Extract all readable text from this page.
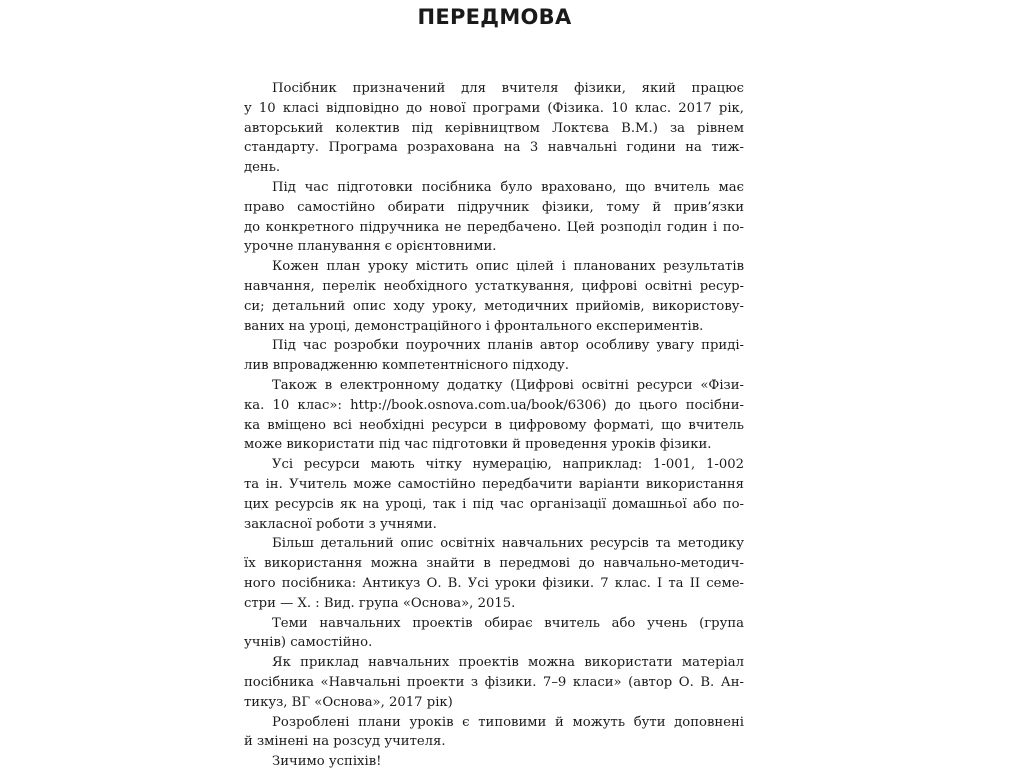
ПЕРЕДМОВА
Посібник призначений для вчителя фізики, який працює
у 10 класі відповідно до нової програми (Фізика. 10 клас. 2017 рік,
авторський колектив під керівництвом Локтєва В.М.) за рівнем
стандарту. Програма розрахована на 3 навчальні години на тиж-
день.
Під час підготовки посібника було враховано, що вчитель має
право самостійно обирати підручник фізики, тому й прив’язки
до конкретного підручника не передбачено. Цей розподіл годин і по-
урочне планування є орієнтовними.
Кожен план уроку містить опис цілей і планованих результатів
навчання, перелік необхідного устаткування, цифрові освітні ресур-
си; детальний опис ходу уроку, методичних прийомів, використову-
ваних на уроці, демонстраційного і фронтального експериментів.
Під час розробки поурочних планів автор особливу увагу приді-
лив впровадженню компетентнісного підходу.
Також в електронному додатку (Цифрові освітні ресурси «Фізи-
ка. 10 клас»: http://book.osnova.com.ua/book/6306) до цього посібни-
ка вміщено всі необхідні ресурси в цифровому форматі, що вчитель
може використати під час підготовки й проведення уроків фізики.
Усі ресурси мають чітку нумерацію, наприклад: 1-001, 1-002
та ін. Учитель може самостійно передбачити варіанти використання
цих ресурсів як на уроці, так і під час організації домашньої або по-
закласної роботи з учнями.
Більш детальний опис освітніх навчальних ресурсів та методику
їх використання можна знайти в передмові до навчально-методич-
ного посібника: Антикуз О. В. Усі уроки фізики. 7 клас. І та ІІ семе-
стри — Х. : Вид. група «Основа», 2015.
Теми навчальних проектів обирає вчитель або учень (група
учнів) самостійно.
Як приклад навчальних проектів можна використати матеріал
посібника «Навчальні проекти з фізики. 7–9 класи» (автор О. В. Ан-
тикуз, ВГ «Основа», 2017 рік)
Розроблені плани уроків є типовими й можуть бути доповнені
й змінені на розсуд учителя.
Зичимо успіхів!
